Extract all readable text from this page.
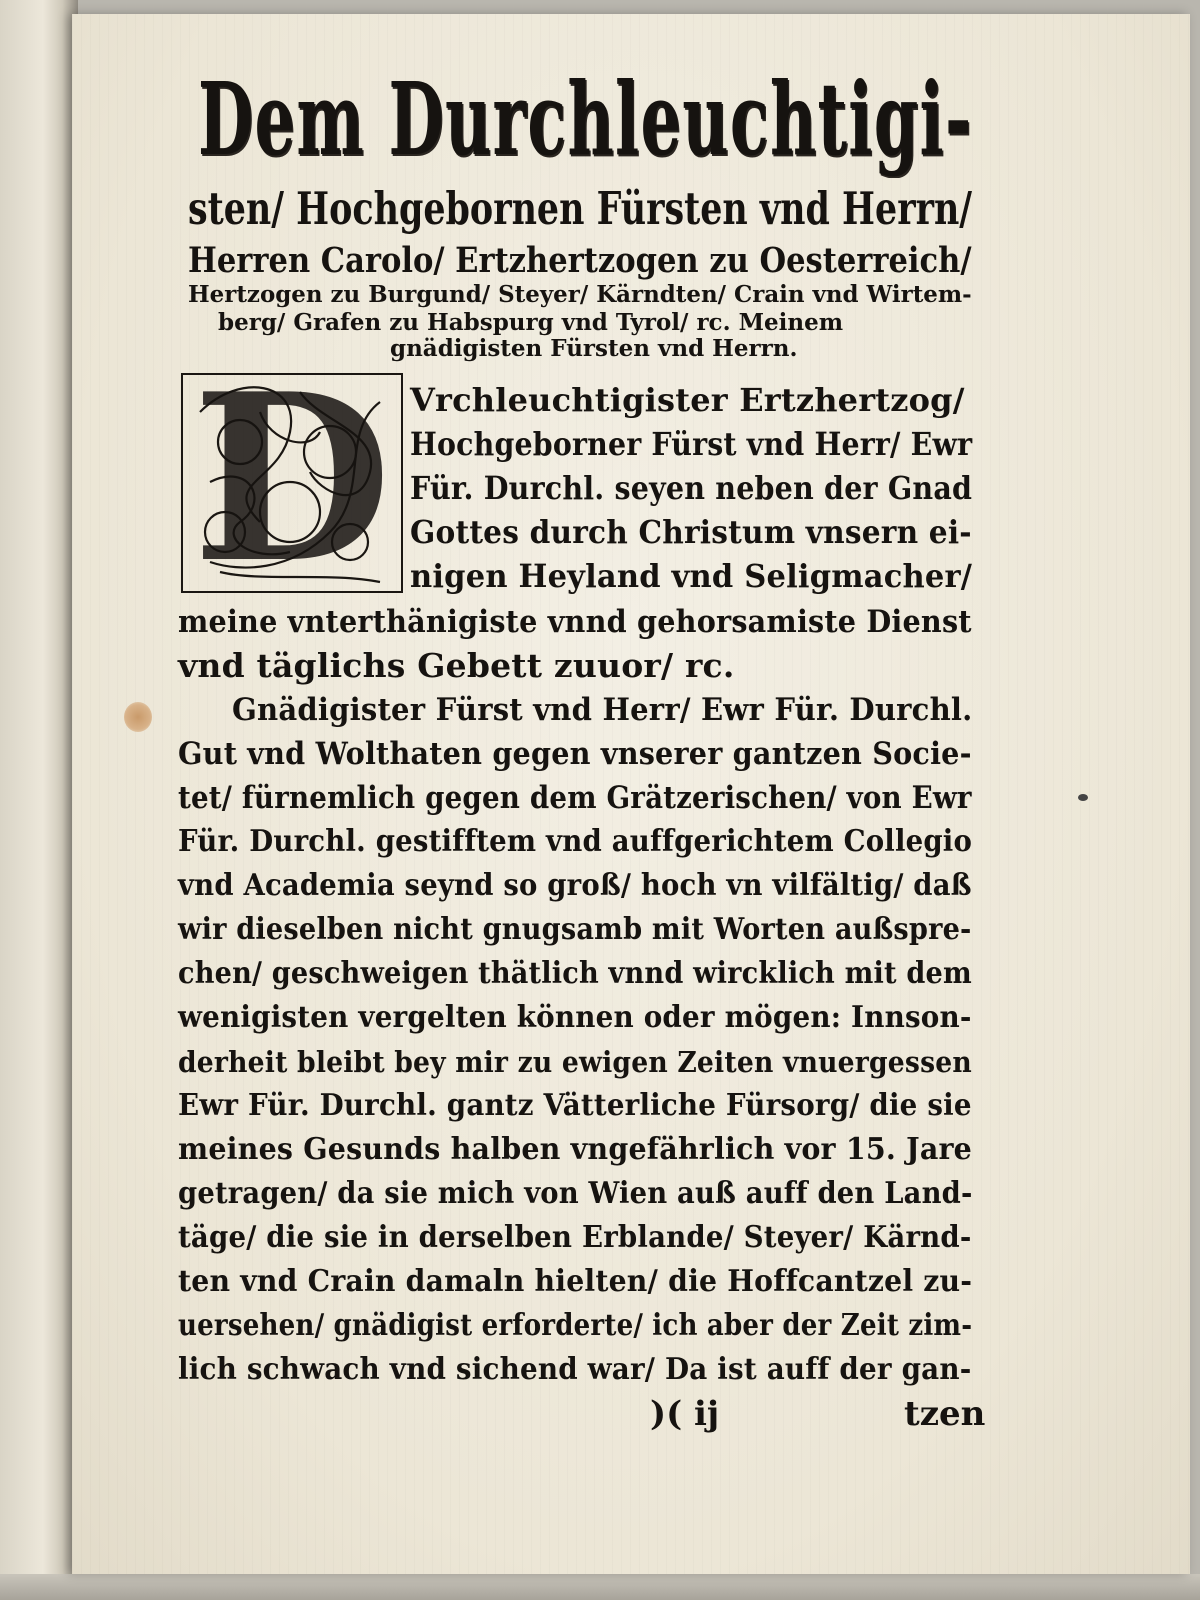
Dem Durchleuchtigi-
sten/ Hochgebornen Fürsten vnd Herrn/
Herren Carolo/ Ertzhertzogen zu Oesterreich/
Hertzogen zu Burgund/ Steyer/ Kärndten/ Crain vnd Wirtem-
berg/ Grafen zu Habspurg vnd Tyrol/ rc. Meinem
gnädigisten Fürsten vnd Herrn.
D Vrchleuchtigister Ertzhertzog/
Hochgeborner Fürst vnd Herr/ Ewr
Für. Durchl. seyen neben der Gnad
Gottes durch Christum vnsern ei-
nigen Heyland vnd Seligmacher/
meine vnterthänigiste vnnd gehorsamiste Dienst
vnd täglichs Gebett zuuor/ rc.
Gnädigister Fürst vnd Herr/ Ewr Für. Durchl.
Gut vnd Wolthaten gegen vnserer gantzen Socie-
tet/ fürnemlich gegen dem Grätzerischen/ von Ewr
Für. Durchl. gestifftem vnd auffgerichtem Collegio
vnd Academia seynd so groß/ hoch vn vilfältig/ daß
wir dieselben nicht gnugsamb mit Worten außspre-
chen/ geschweigen thätlich vnnd wircklich mit dem
wenigisten vergelten können oder mögen: Innson-
derheit bleibt bey mir zu ewigen Zeiten vnuergessen
Ewr Für. Durchl. gantz Vätterliche Fürsorg/ die sie
meines Gesunds halben vngefährlich vor 15. Jare
getragen/ da sie mich von Wien auß auff den Land-
täge/ die sie in derselben Erblande/ Steyer/ Kärnd-
ten vnd Crain damaln hielten/ die Hoffcantzel zu-
uersehen/ gnädigist erforderte/ ich aber der Zeit zim-
lich schwach vnd sichend war/ Da ist auff der gan-
)( ij	tzen
